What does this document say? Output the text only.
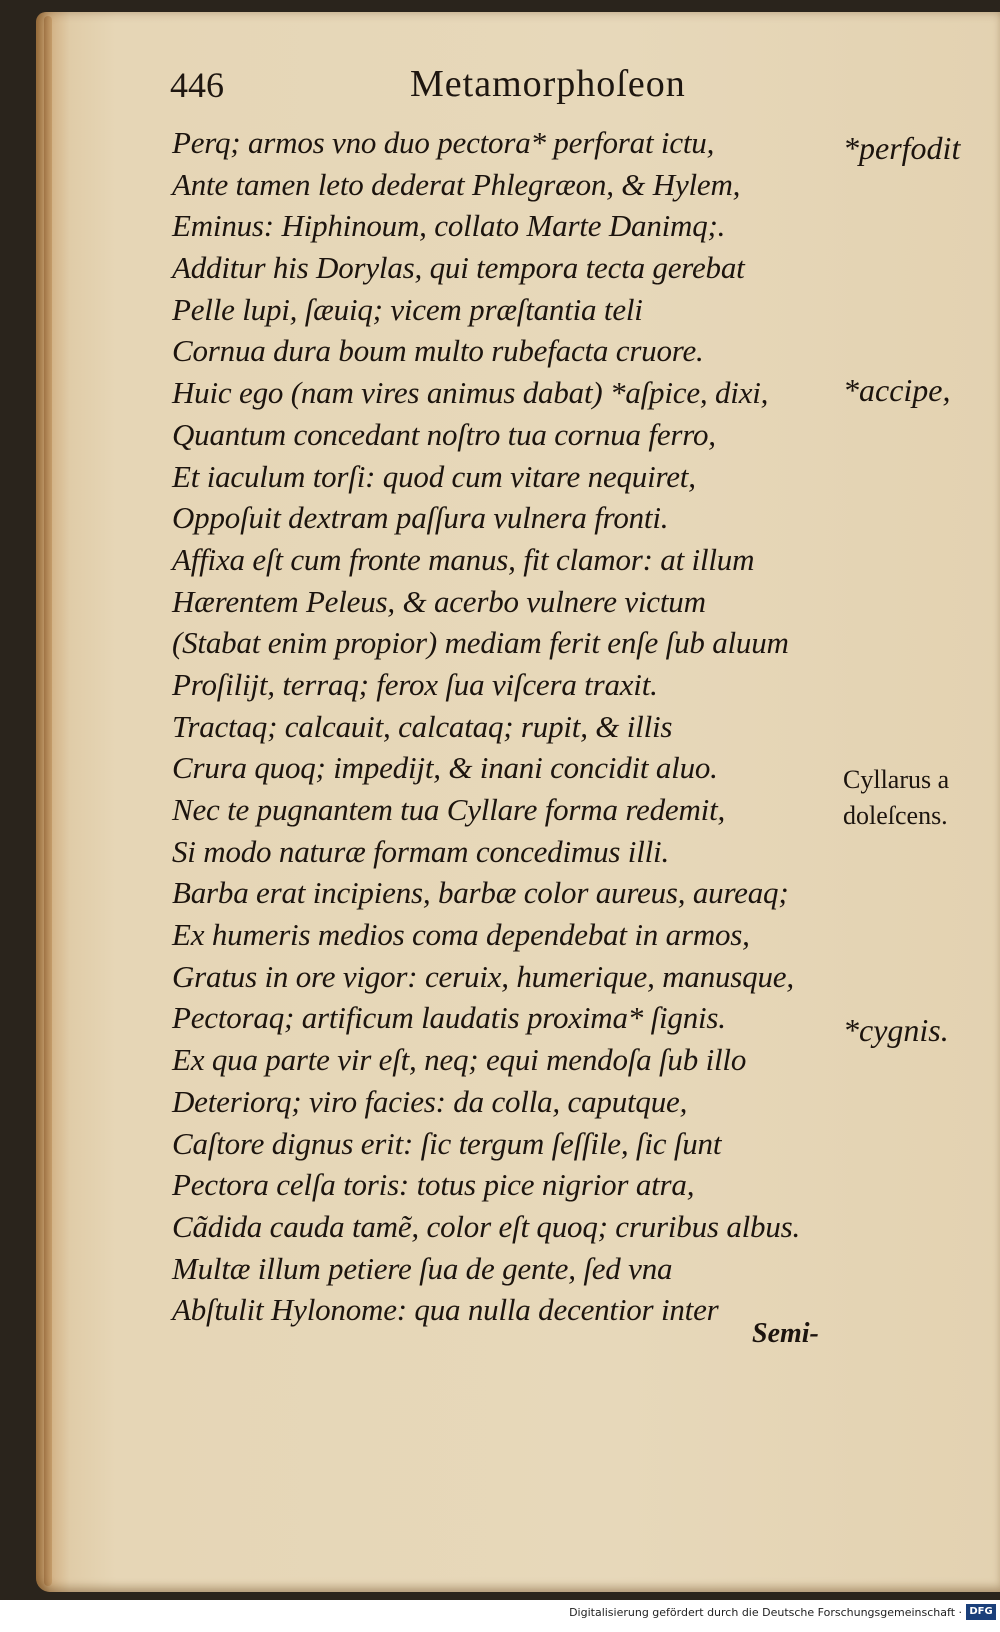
446	Metamorphoſeon
Perq; armos vno duo pectora* perforat ictu,
Ante tamen leto dederat Phlegræon, & Hylem,
Eminus: Hiphinoum, collato Marte Danimq;.
Additur his Dorylas, qui tempora tecta gerebat
Pelle lupi, ſæuiq; vicem præſtantia teli
Cornua dura boum multo rubefacta cruore.
Huic ego (nam vires animus dabat) *aſpice, dixi,
Quantum concedant noſtro tua cornua ferro,
Et iaculum torſi: quod cum vitare nequiret,
Oppoſuit dextram paſſura vulnera fronti.
Affixa eſt cum fronte manus, fit clamor: at illum
Hærentem Peleus, & acerbo vulnere victum
(Stabat enim propior) mediam ferit enſe ſub aluum
Proſilijt, terraq; ferox ſua viſcera traxit.
Tractaq; calcauit, calcataq; rupit, & illis
Crura quoq; impedijt, & inani concidit aluo.
Nec te pugnantem tua Cyllare forma redemit,
Si modo naturæ formam concedimus illi.
Barba erat incipiens, barbæ color aureus, aureaq;
Ex humeris medios coma dependebat in armos,
Gratus in ore vigor: ceruix, humerique, manusque,
Pectoraq; artificum laudatis proxima* ſignis.
Ex qua parte vir eſt, neq; equi mendoſa ſub illo
Deteriorq; viro facies: da colla, caputque,
Caſtore dignus erit: ſic tergum ſeſſile, ſic ſunt
Pectora celſa toris: totus pice nigrior atra,
Cãdida cauda tamẽ, color eſt quoq; cruribus albus.
Multæ illum petiere ſua de gente, ſed vna
Abſtulit Hylonome: qua nulla decentior inter
*perfodit
*accipe,
Cyllarus a
doleſcens.
*cygnis.
Semi-
Digitalisierung gefördert durch die Deutsche Forschungsgemeinschaft · DFG
